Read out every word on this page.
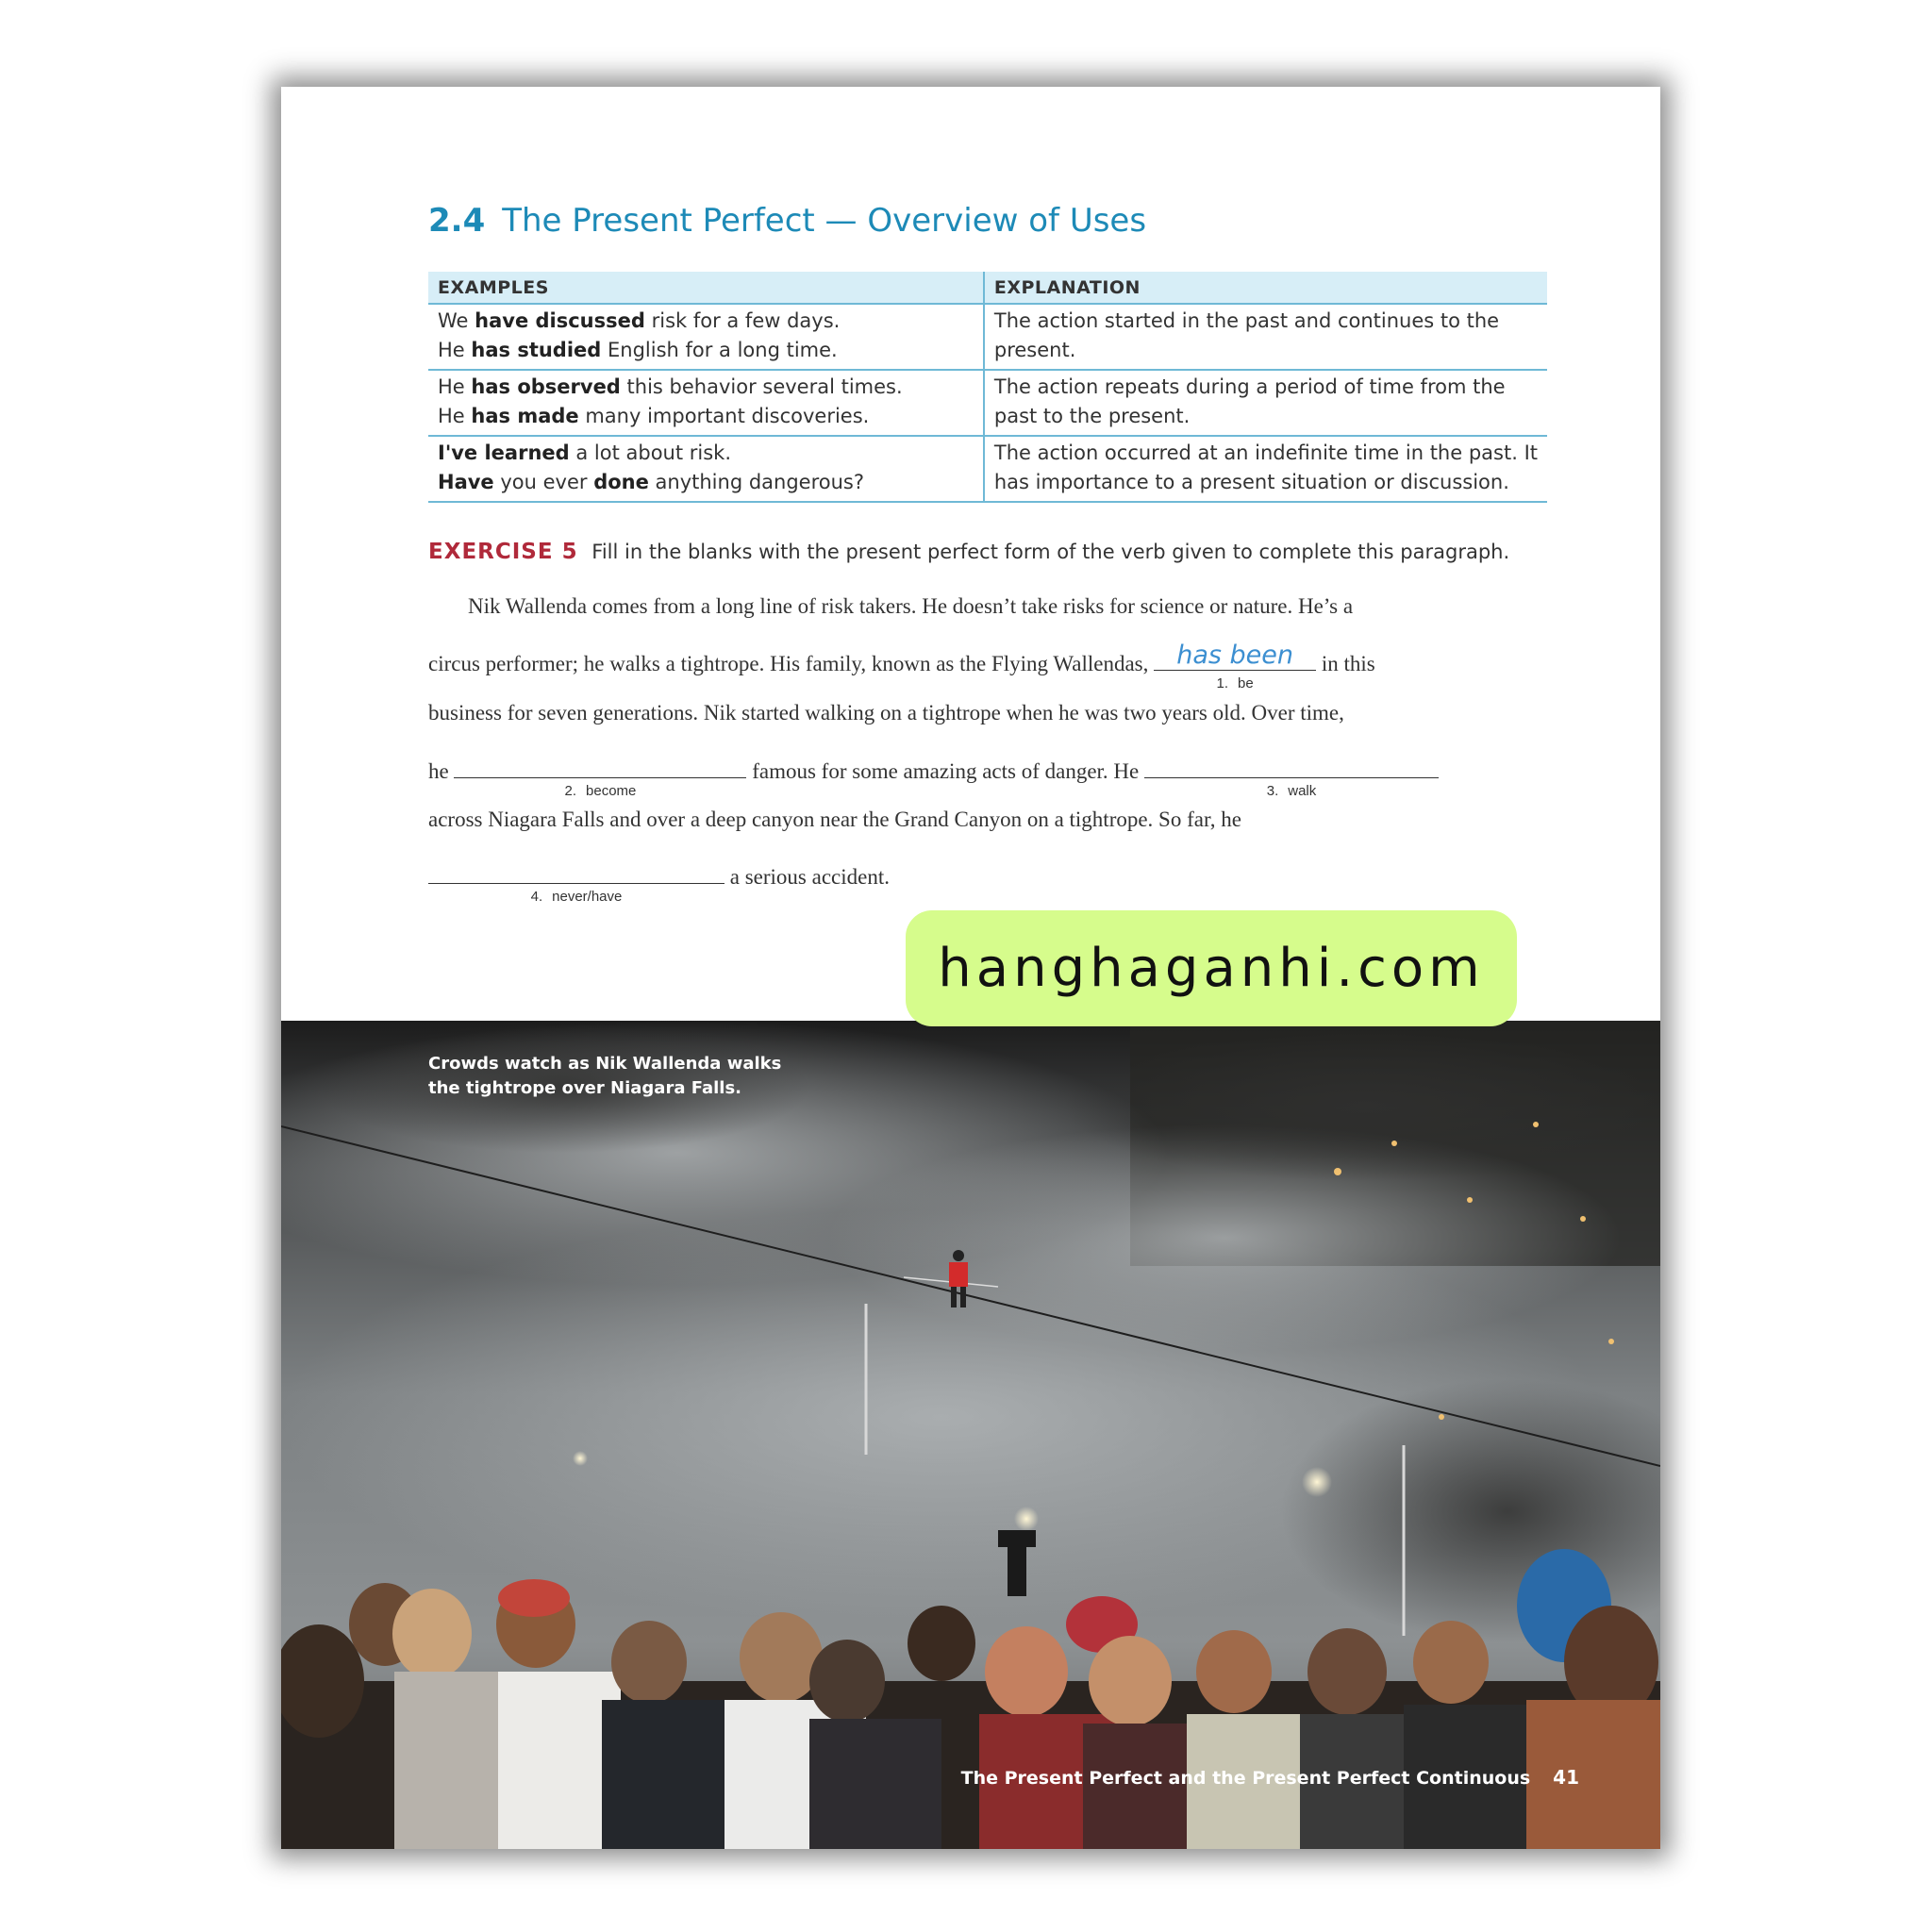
2.4 The Present Perfect — Overview of Uses
EXAMPLES	EXPLANATION

We have discussed risk for a few days.
He has studied English for a long time.	The action started in the past and continues to the
present.

He has observed this behavior several times.
He has made many important discoveries.	The action repeats during a period of time from the
past to the present.

I've learned a lot about risk.
Have you ever done anything dangerous?	The action occurred at an indefinite time in the past. It
has importance to a present situation or discussion.
EXERCISE 5 Fill in the blanks with the present perfect form of the verb given to complete this paragraph.
Nik Wallenda comes from a long line of risk takers. He doesn’t take risks for science or nature. He’s a
circus performer; he walks a tightrope. His family, known as the Flying Wallendas,	has been
1. be
in this
business for seven generations. Nik started walking on a tightrope when he was two years old. Over time,
he
2. become
famous for some amazing acts of danger. He
3. walk
across Niagara Falls and over a deep canyon near the Grand Canyon on a tightrope. So far, he
4. never/have
a serious accident.
Crowds watch as Nik Wallenda walks
the tightrope over Niagara Falls.
The Present Perfect and the Present Perfect Continuous 41
hanghaganhi.com
